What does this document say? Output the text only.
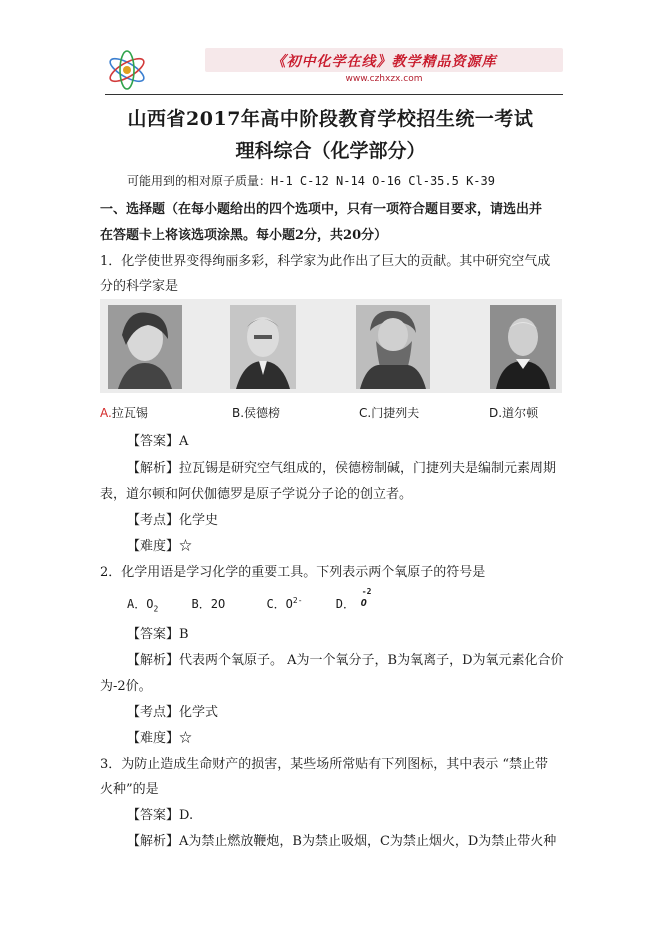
《初中化学在线》教学精品资源库
www.czhxzx.com
山西省2017年高中阶段教育学校招生统一考试
理科综合（化学部分）
可能用到的相对原子质量：H-1 C-12 N-14 O-16 Cl-35.5 K-39
一、选择题（在每小题给出的四个选项中，只有一项符合题目要求，请选出并
在答题卡上将该选项涂黑。每小题2分，共20分）
1．化学使世界变得绚丽多彩，科学家为此作出了巨大的贡献。其中研究空气成
分的科学家是
A.拉瓦锡	B.侯德榜	C.门捷列夫	D.道尔顿
【答案】A
【解析】拉瓦锡是研究空气组成的，侯德榜制碱，门捷列夫是编制元素周期
表，道尔顿和阿伏伽德罗是原子学说分子论的创立者。
【考点】化学史
【难度】☆
2．化学用语是学习化学的重要工具。下列表示两个氧原子的符号是
A．$O_2$	B．2O	C．$O^{2-}$	D．
-2
O
【答案】B
【解析】代表两个氧原子。 A为一个氧分子，B为氧离子，D为氧元素化合价
为-2价。
【考点】化学式
【难度】☆
3．为防止造成生命财产的损害，某些场所常贴有下列图标，其中表示 “禁止带
火种”的是
【答案】D.
【解析】A为禁止燃放鞭炮，B为禁止吸烟，C为禁止烟火，D为禁止带火种
